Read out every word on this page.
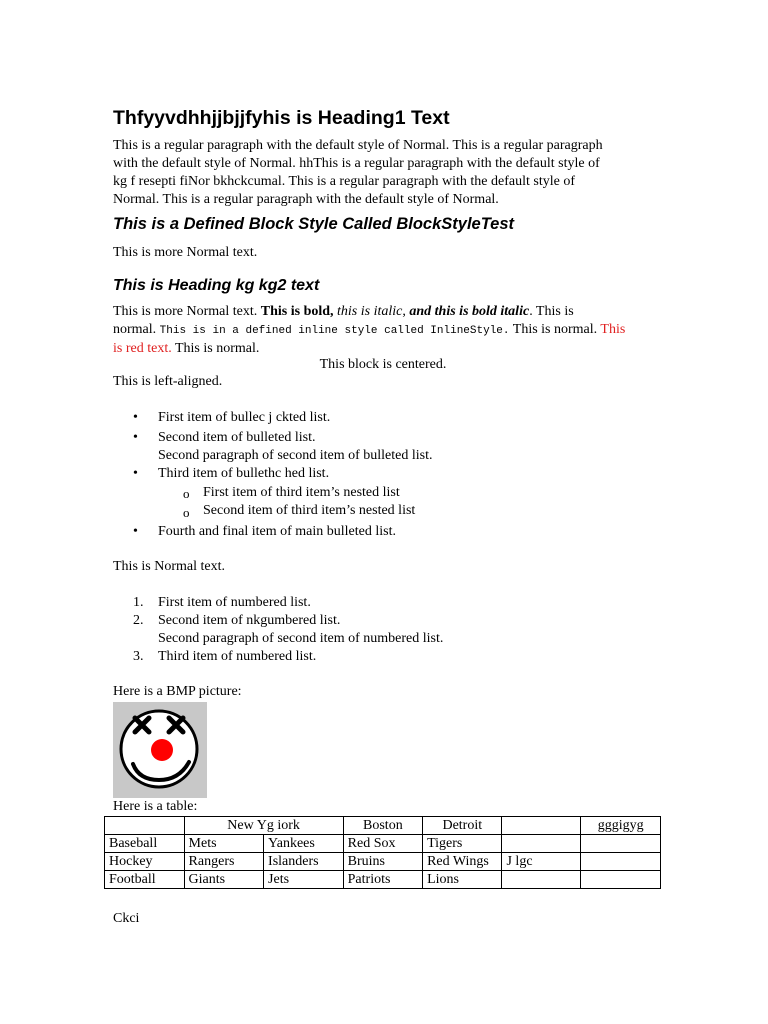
Thfyyvdhhjjbjjfyhis is Heading1 Text
This is a regular paragraph with the default style of Normal. This is a regular paragraph
with the default style of Normal. hhThis is a regular paragraph with the default style of
kg f resepti fiNor bkhckcumal. This is a regular paragraph with the default style of
Normal. This is a regular paragraph with the default style of Normal.
This is a Defined Block Style Called BlockStyleTest
This is more Normal text.
This is Heading kg kg2 text
This is more Normal text. This is bold, this is italic, and this is bold italic. This is
normal. This is in a defined inline style called InlineStyle. This is normal. This
is red text. This is normal.
This block is centered.
This is left-aligned.
• First item of bullec j ckted list.
• Second item of bulleted list.
Second paragraph of second item of bulleted list.
• Third item of bullethc hed list.
o First item of third item’s nested list
o Second item of third item’s nested list
• Fourth and final item of main bulleted list.
This is Normal text.
1. First item of numbered list.
2. Second item of nkgumbered list.
Second paragraph of second item of numbered list.
3. Third item of numbered list.
Here is a BMP picture:
Here is a table:
	New Yg iork		Boston	Detroit		gggigyg
Baseball	Mets	Yankees	Red Sox	Tigers		
Hockey	Rangers	Islanders	Bruins	Red Wings	J lgc	
Football	Giants	Jets	Patriots	Lions		
Ckci
